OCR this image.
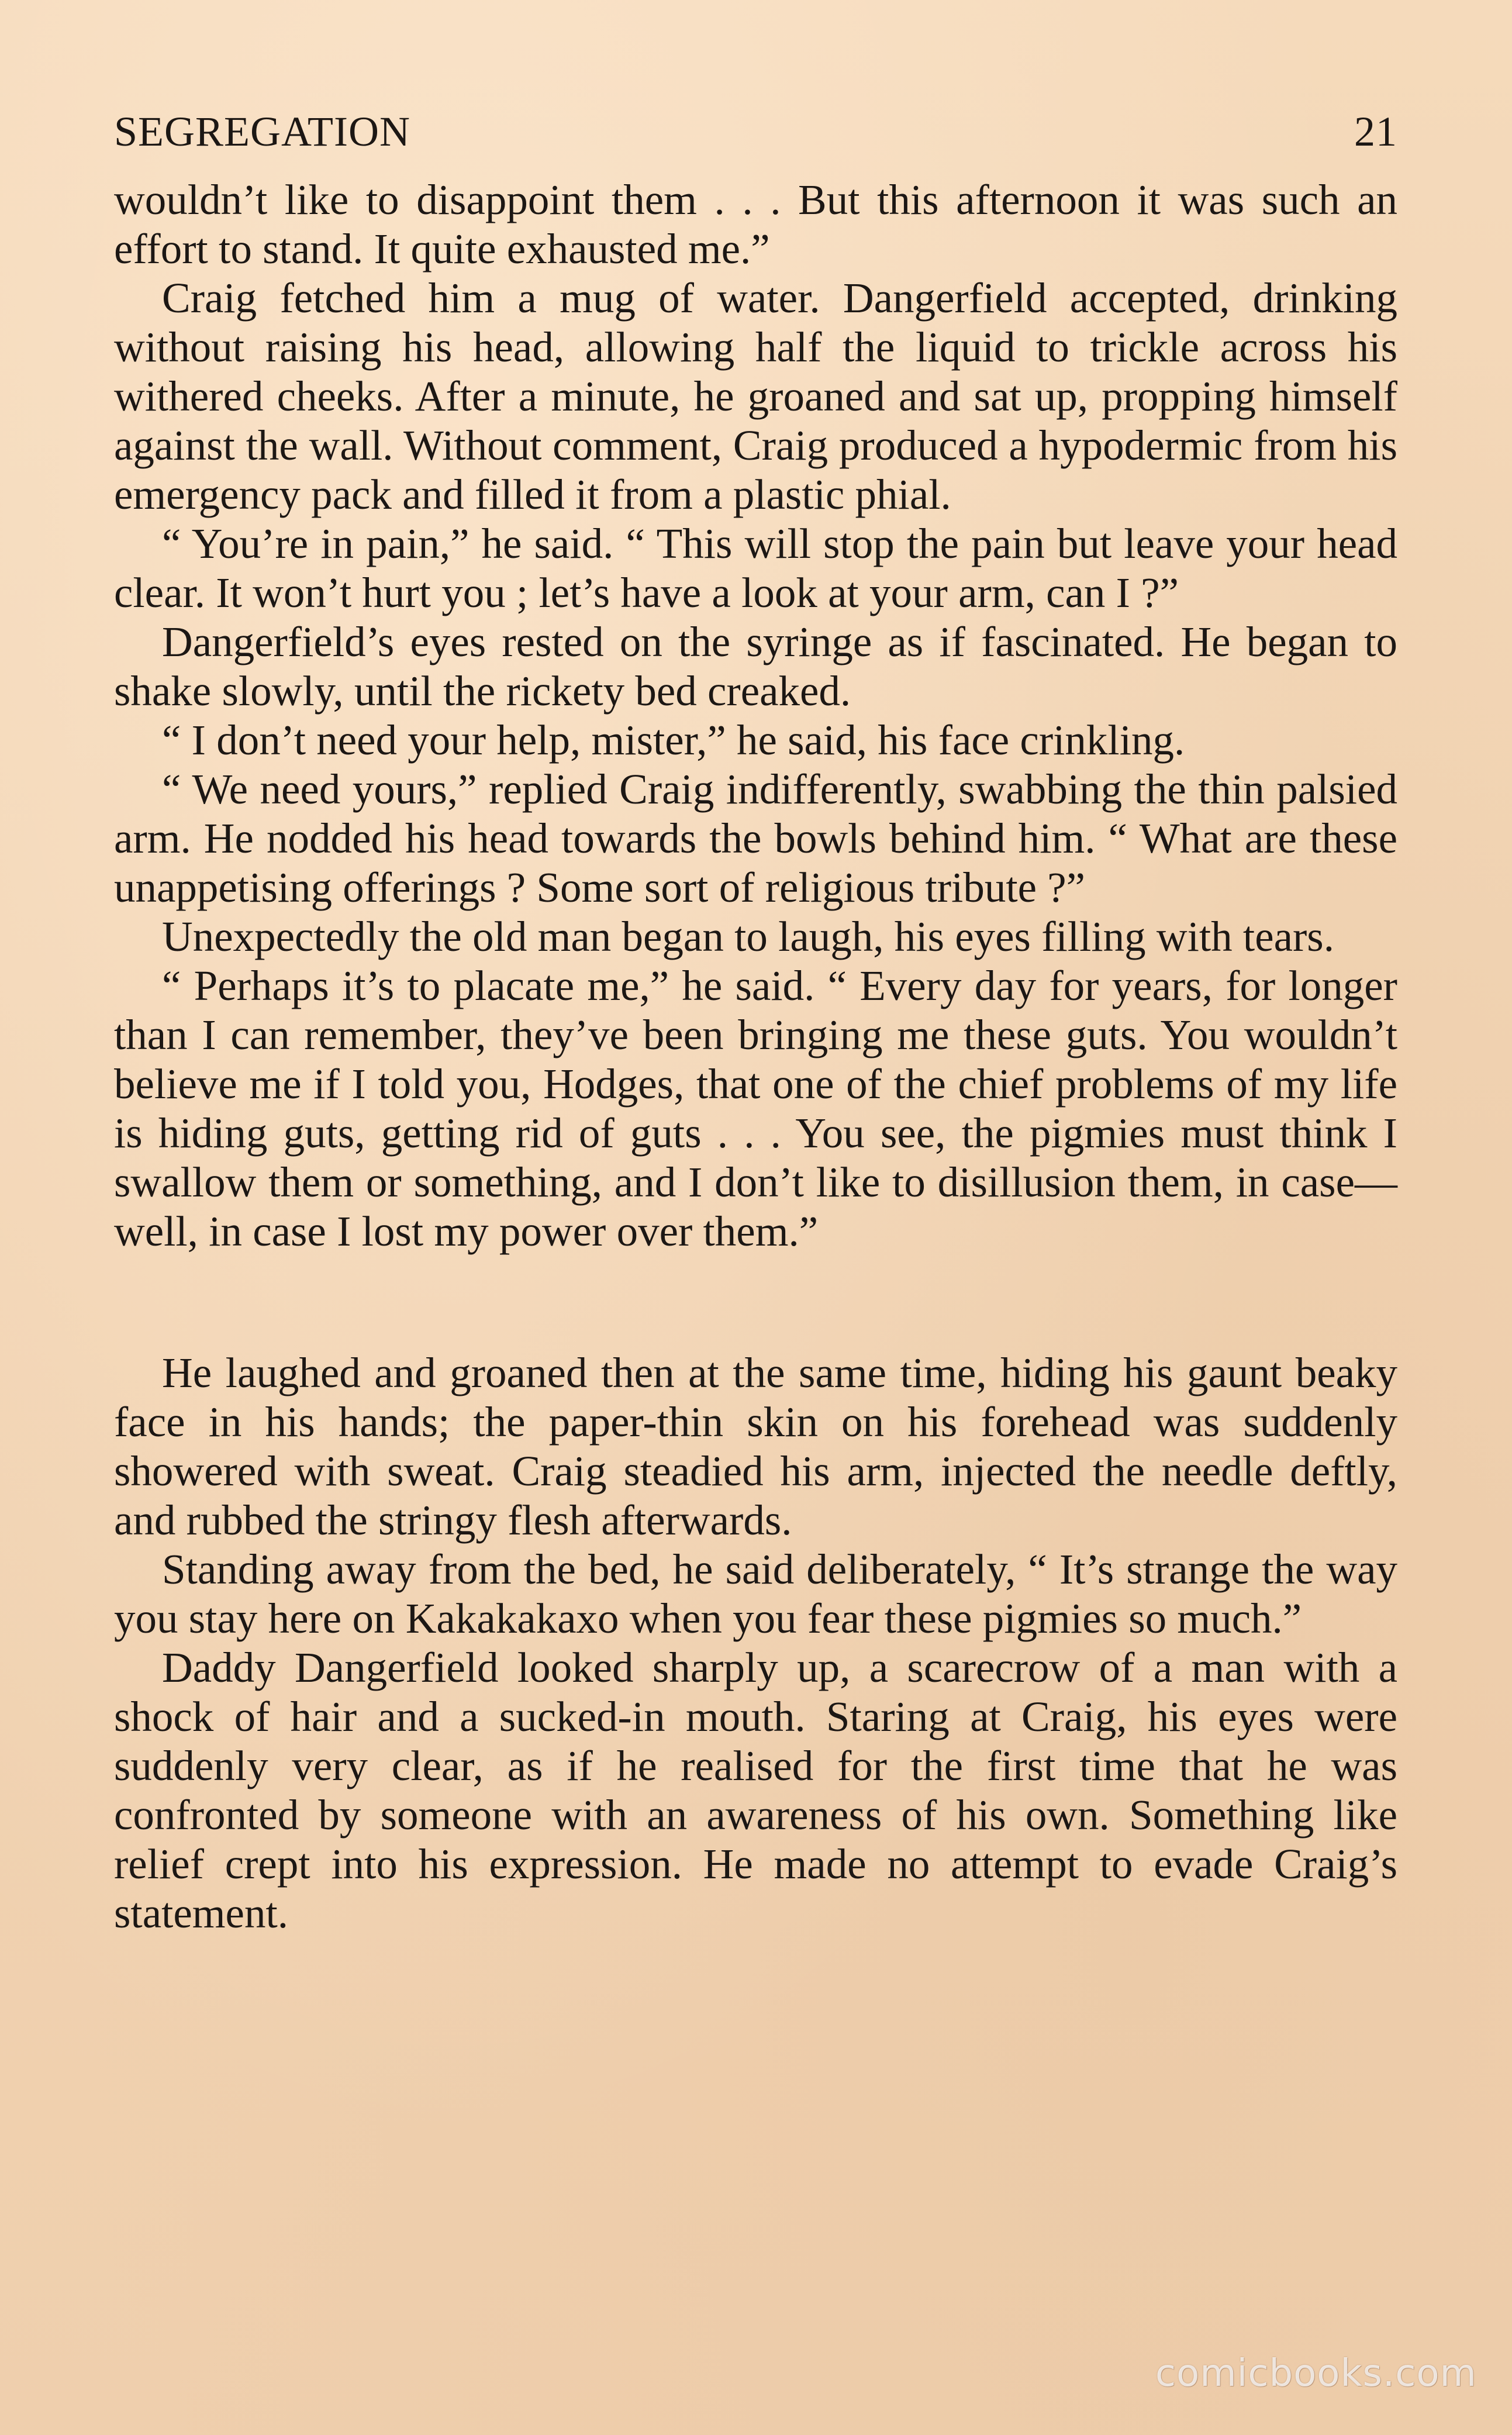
SEGREGATION	21

wouldn’t like to disappoint them . . . But this afternoon it was such an effort to stand. It quite exhausted me.”

Craig fetched him a mug of water. Dangerfield accepted, drinking without raising his head, allowing half the liquid to trickle across his withered cheeks. After a minute, he groaned and sat up, propping himself against the wall. Without comment, Craig produced a hypodermic from his emergency pack and filled it from a plastic phial.

“ You’re in pain,” he said. “ This will stop the pain but leave your head clear. It won’t hurt you ; let’s have a look at your arm, can I ?”

Dangerfield’s eyes rested on the syringe as if fascinated. He began to shake slowly, until the rickety bed creaked.

“ I don’t need your help, mister,” he said, his face crinkling.

“ We need yours,” replied Craig indifferently, swabbing the thin palsied arm. He nodded his head towards the bowls behind him. “ What are these unappetising offerings ? Some sort of religious tribute ?”

Unexpectedly the old man began to laugh, his eyes filling with tears.

“ Perhaps it’s to placate me,” he said. “ Every day for years, for longer than I can remember, they’ve been bringing me these guts. You wouldn’t believe me if I told you, Hodges, that one of the chief problems of my life is hiding guts, getting rid of guts . . . You see, the pigmies must think I swallow them or something, and I don’t like to disillusion them, in case—well, in case I lost my power over them.”

He laughed and groaned then at the same time, hiding his gaunt beaky face in his hands; the paper-thin skin on his forehead was suddenly showered with sweat. Craig steadied his arm, injected the needle deftly, and rubbed the stringy flesh afterwards.

Standing away from the bed, he said deliberately, “ It’s strange the way you stay here on Kakakakaxo when you fear these pigmies so much.”

Daddy Dangerfield looked sharply up, a scarecrow of a man with a shock of hair and a sucked-in mouth. Staring at Craig, his eyes were suddenly very clear, as if he realised for the first time that he was confronted by someone with an awareness of his own. Something like relief crept into his expression. He made no attempt to evade Craig’s statement.

comicbooks.com
